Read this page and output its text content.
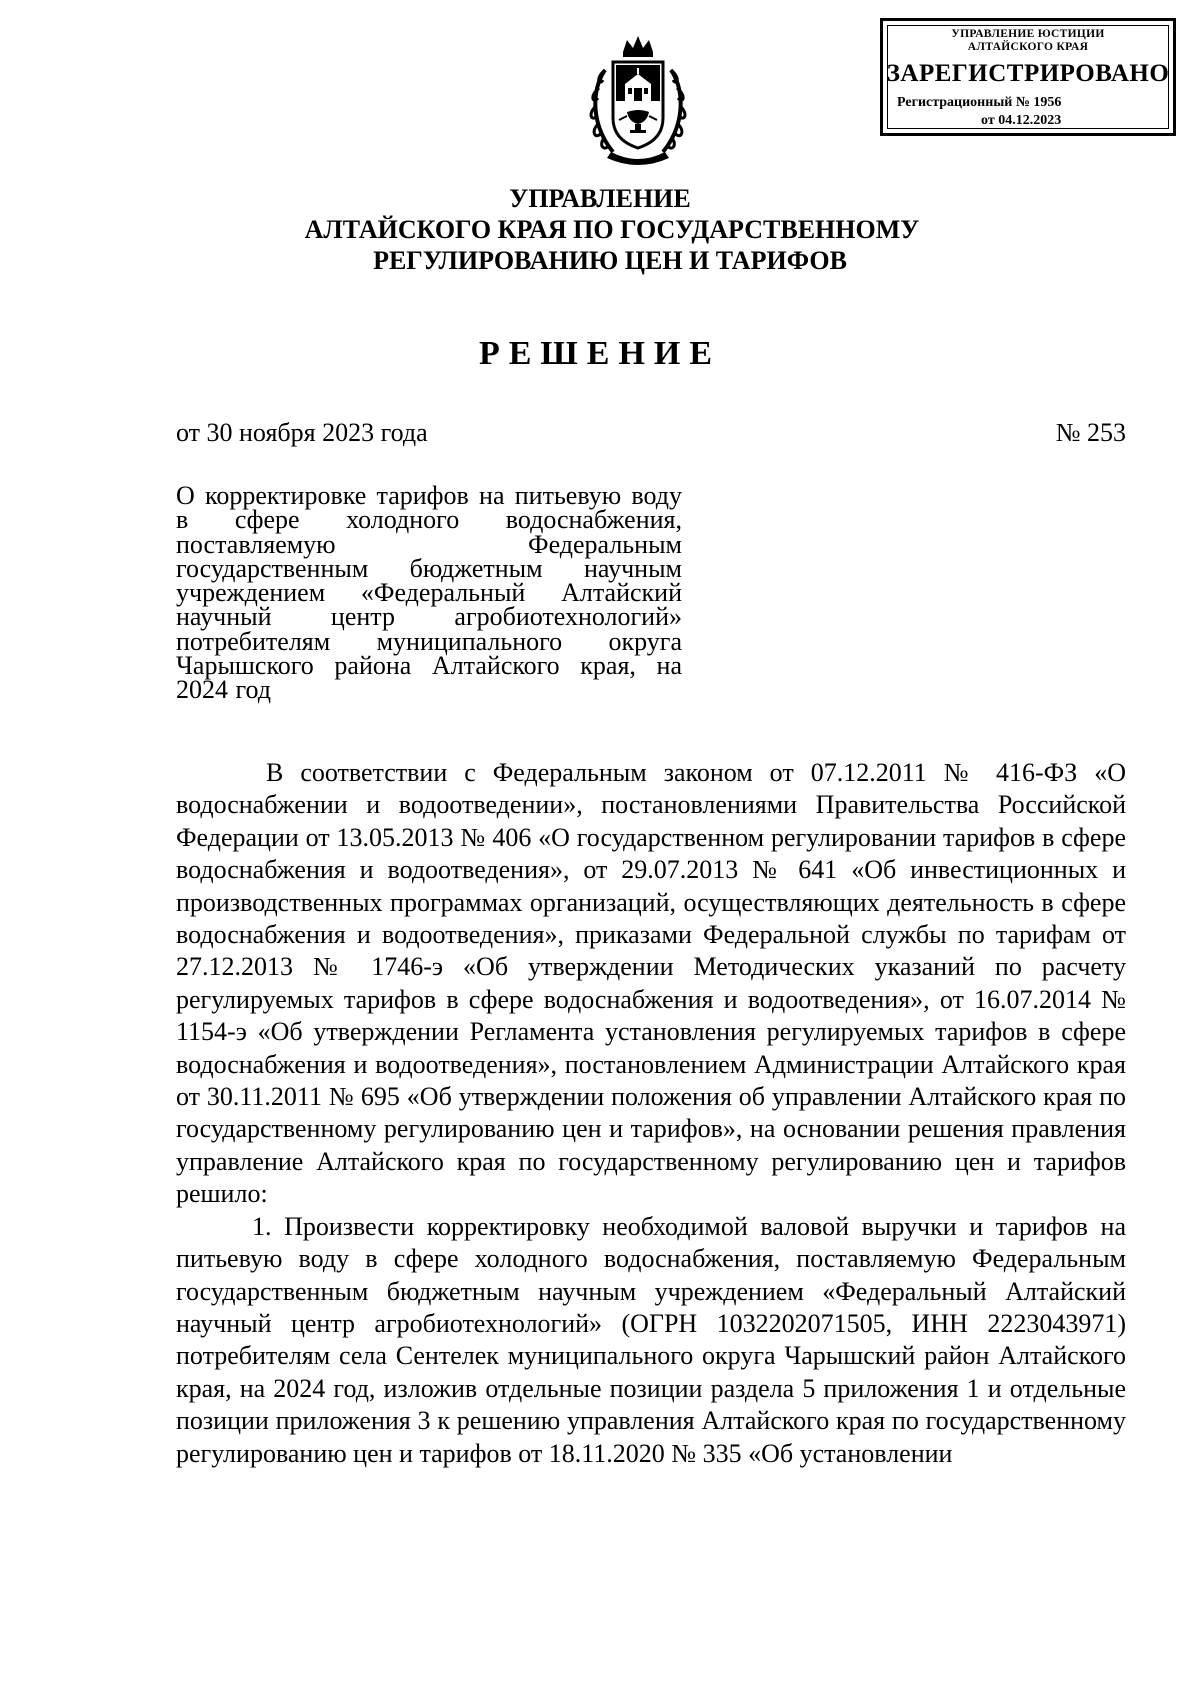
УПРАВЛЕНИЕ ЮСТИЦИИ
АЛТАЙСКОГО КРАЯ
ЗАРЕГИСТРИРОВАНО
Регистрационный № 1956
от 04.12.2023
УПРАВЛЕНИЕ
АЛТАЙСКОГО КРАЯ ПО ГОСУДАРСТВЕННОМУ
РЕГУЛИРОВАНИЮ ЦЕН И ТАРИФОВ
РЕШЕНИЕ
от 30 ноября 2023 года	№ 253
О корректировке тарифов на питьевую воду в сфере холодного водоснабжения, поставляемую Федеральным государственным бюджетным научным учреждением «Федеральный Алтайский научный центр агробиотехнологий» потребителям муниципального округа Чарышского района Алтайского края, на 2024 год

В соответствии с Федеральным законом от 07.12.2011 № 416-ФЗ «О водоснабжении и водоотведении», постановлениями Правительства Российской Федерации от 13.05.2013 № 406 «О государственном регулировании тарифов в сфере водоснабжения и водоотведения», от 29.07.2013 № 641 «Об инвестиционных и производственных программах организаций, осуществляющих деятельность в сфере водоснабжения и водоотведения», приказами Федеральной службы по тарифам от 27.12.2013 № 1746-э «Об утверждении Методических указаний по расчету регулируемых тарифов в сфере водоснабжения и водоотведения», от 16.07.2014 № 1154-э «Об утверждении Регламента установления регулируемых тарифов в сфере водоснабжения и водоотведения», постановлением Администрации Алтайского края от 30.11.2011 № 695 «Об утверждении положения об управлении Алтайского края по государственному регулированию цен и тарифов», на основании решения правления управление Алтайского края по государственному регулированию цен и тарифов решило:

1. Произвести корректировку необходимой валовой выручки и тарифов на питьевую воду в сфере холодного водоснабжения, поставляемую Федеральным государственным бюджетным научным учреждением «Федеральный Алтайский научный центр агробиотехнологий» (ОГРН 1032202071505, ИНН 2223043971) потребителям села Сентелек муниципального округа Чарышский район Алтайского края, на 2024 год, изложив отдельные позиции раздела 5 приложения 1 и отдельные позиции приложения 3 к решению управления Алтайского края по государственному регулированию цен и тарифов от 18.11.2020 № 335 «Об установлении
